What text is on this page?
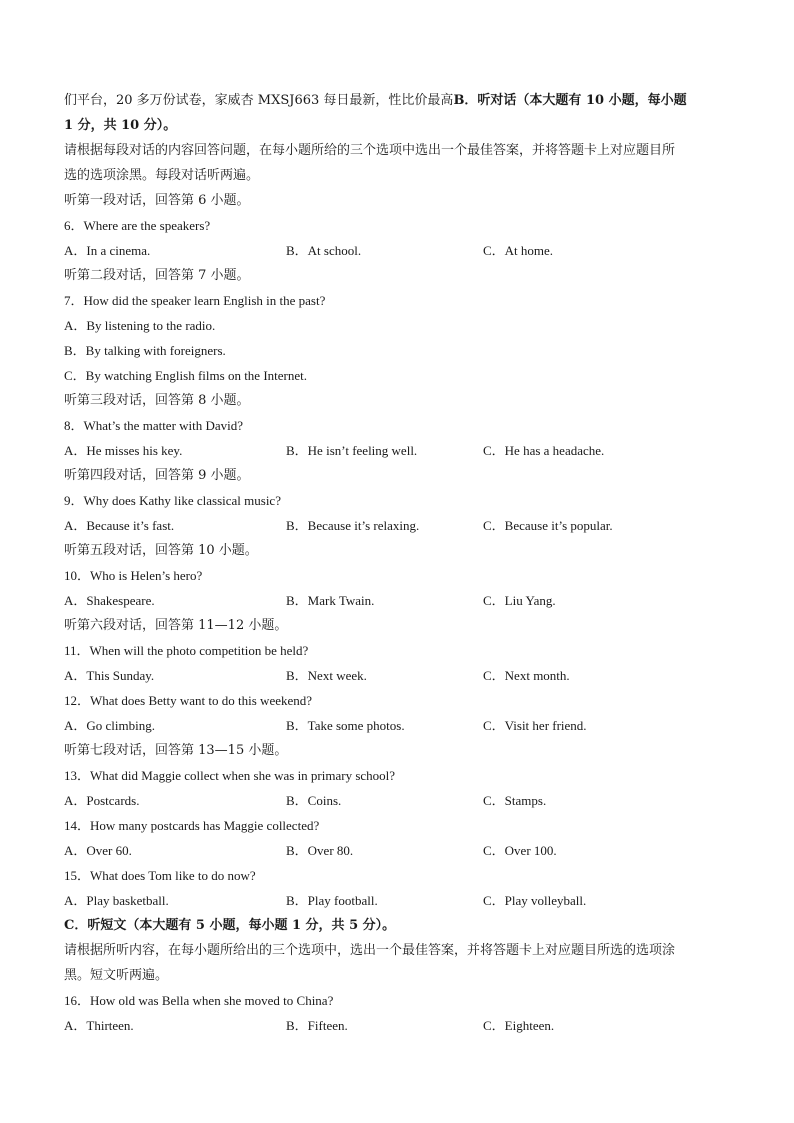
们平台，20 多万份试卷，家威杏 MXSJ663 每日最新，性比价最高B．听对话（本大题有 10 小题，每小题
1 分，共 10 分）。
请根据每段对话的内容回答问题，在每小题所给的三个选项中选出一个最佳答案，并将答题卡上对应题目所
选的选项涂黑。每段对话听两遍。
听第一段对话，回答第 6 小题。
6．Where are the speakers?
A．In a cinema.	B．At school.	C．At home.
听第二段对话，回答第 7 小题。
7．How did the speaker learn English in the past?
A．By listening to the radio.
B．By talking with foreigners.
C．By watching English films on the Internet.
听第三段对话，回答第 8 小题。
8．What’s the matter with David?
A．He misses his key.	B．He isn’t feeling well.	C．He has a headache.
听第四段对话，回答第 9 小题。
9．Why does Kathy like classical music?
A．Because it’s fast.	B．Because it’s relaxing.	C．Because it’s popular.
听第五段对话，回答第 10 小题。
10．Who is Helen’s hero?
A．Shakespeare.	B．Mark Twain.	C．Liu Yang.
听第六段对话，回答第 11—12 小题。
11．When will the photo competition be held?
A．This Sunday.	B．Next week.	C．Next month.
12．What does Betty want to do this weekend?
A．Go climbing.	B．Take some photos.	C．Visit her friend.
听第七段对话，回答第 13—15 小题。
13．What did Maggie collect when she was in primary school?
A．Postcards.	B．Coins.	C．Stamps.
14．How many postcards has Maggie collected?
A．Over 60.	B．Over 80.	C．Over 100.
15．What does Tom like to do now?
A．Play basketball.	B．Play football.	C．Play volleyball.
C．听短文（本大题有 5 小题，每小题 1 分，共 5 分）。
请根据所听内容，在每小题所给出的三个选项中，选出一个最佳答案，并将答题卡上对应题目所选的选项涂
黑。短文听两遍。
16．How old was Bella when she moved to China?
A．Thirteen.	B．Fifteen.	C．Eighteen.
